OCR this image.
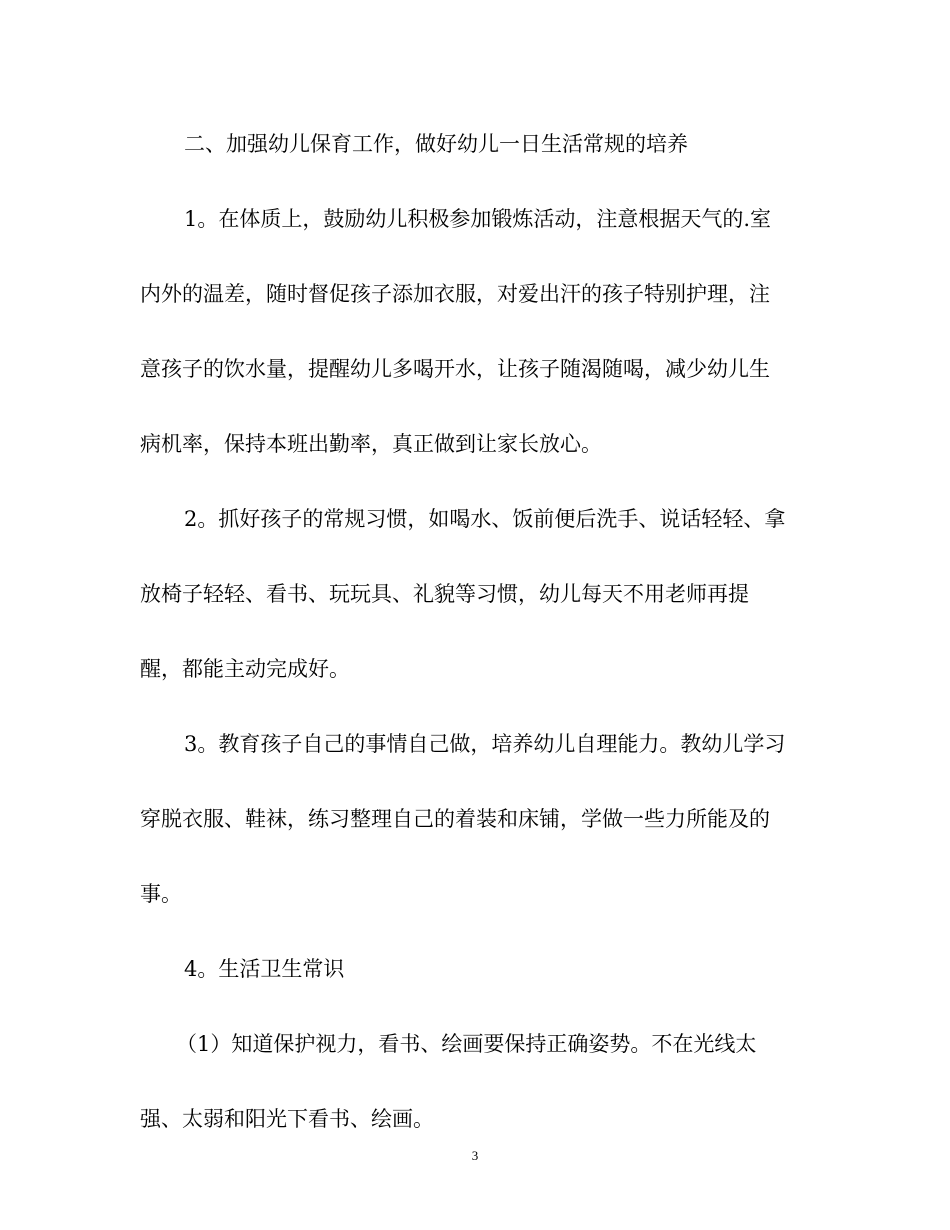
二、加强幼儿保育工作，做好幼儿一日生活常规的培养
1。在体质上，鼓励幼儿积极参加锻炼活动，注意根据天气的.室
内外的温差，随时督促孩子添加衣服，对爱出汗的孩子特别护理，注
意孩子的饮水量，提醒幼儿多喝开水，让孩子随渴随喝，减少幼儿生
病机率，保持本班出勤率，真正做到让家长放心。
2。抓好孩子的常规习惯，如喝水、饭前便后洗手、说话轻轻、拿
放椅子轻轻、看书、玩玩具、礼貌等习惯，幼儿每天不用老师再提
醒，都能主动完成好。
3。教育孩子自己的事情自己做，培养幼儿自理能力。教幼儿学习
穿脱衣服、鞋袜，练习整理自己的着装和床铺，学做一些力所能及的
事。
4。生活卫生常识
（1）知道保护视力，看书、绘画要保持正确姿势。不在光线太
强、太弱和阳光下看书、绘画。
3
